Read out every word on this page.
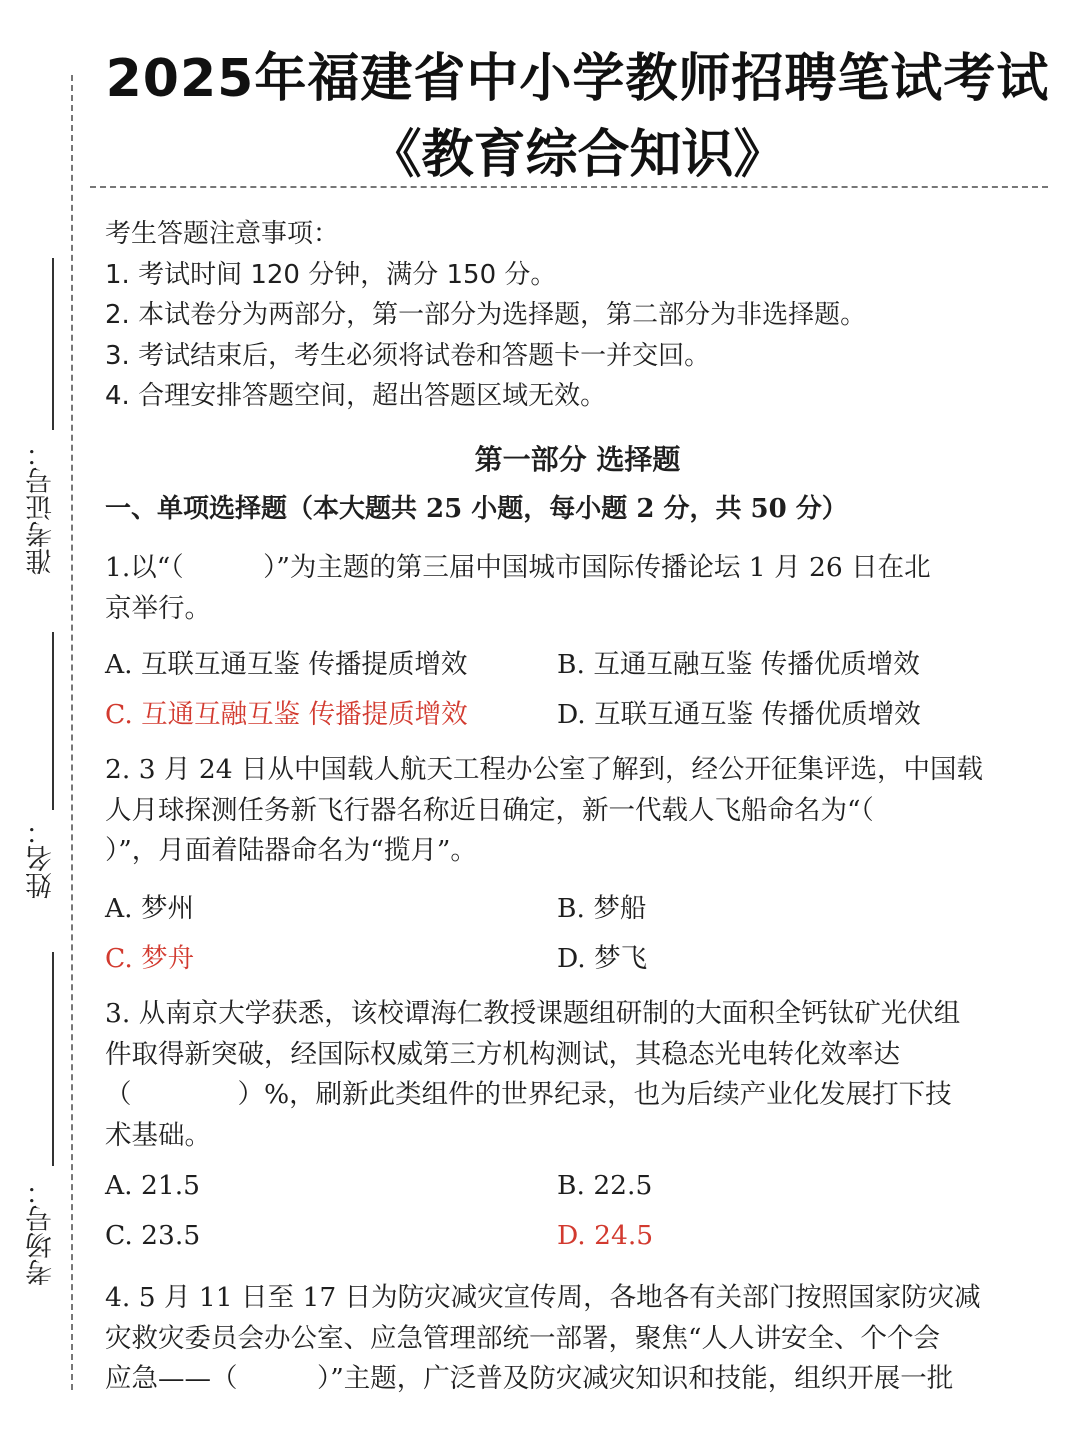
准考证号：
姓名：
考场号：
2025年福建省中小学教师招聘笔试考试
《教育综合知识》
考生答题注意事项：
1. 考试时间 120 分钟，满分 150 分。
2. 本试卷分为两部分，第一部分为选择题，第二部分为非选择题。
3. 考试结束后，考生必须将试卷和答题卡一并交回。
4. 合理安排答题空间，超出答题区域无效。
第一部分 选择题
一、单项选择题（本大题共 25 小题，每小题 2 分，共 50 分）
1.以“（　　　）”为主题的第三届中国城市国际传播论坛 1 月 26 日在北
京举行。
A. 互联互通互鉴 传播提质增效	B. 互通互融互鉴 传播优质增效
C. 互通互融互鉴 传播提质增效	D. 互联互通互鉴 传播优质增效
2. 3 月 24 日从中国载人航天工程办公室了解到，经公开征集评选，中国载
人月球探测任务新飞行器名称近日确定，新一代载人飞船命名为“（
）”，月面着陆器命名为“揽月”。
A. 梦州	B. 梦船
C. 梦舟	D. 梦飞
3. 从南京大学获悉，该校谭海仁教授课题组研制的大面积全钙钛矿光伏组
件取得新突破，经国际权威第三方机构测试，其稳态光电转化效率达
（　　　　）%，刷新此类组件的世界纪录，也为后续产业化发展打下技
术基础。
A. 21.5	B. 22.5
C. 23.5	D. 24.5
4. 5 月 11 日至 17 日为防灾减灾宣传周，各地各有关部门按照国家防灾减
灾救灾委员会办公室、应急管理部统一部署，聚焦“人人讲安全、个个会
应急——（　　　）”主题，广泛普及防灾减灾知识和技能，组织开展一批
